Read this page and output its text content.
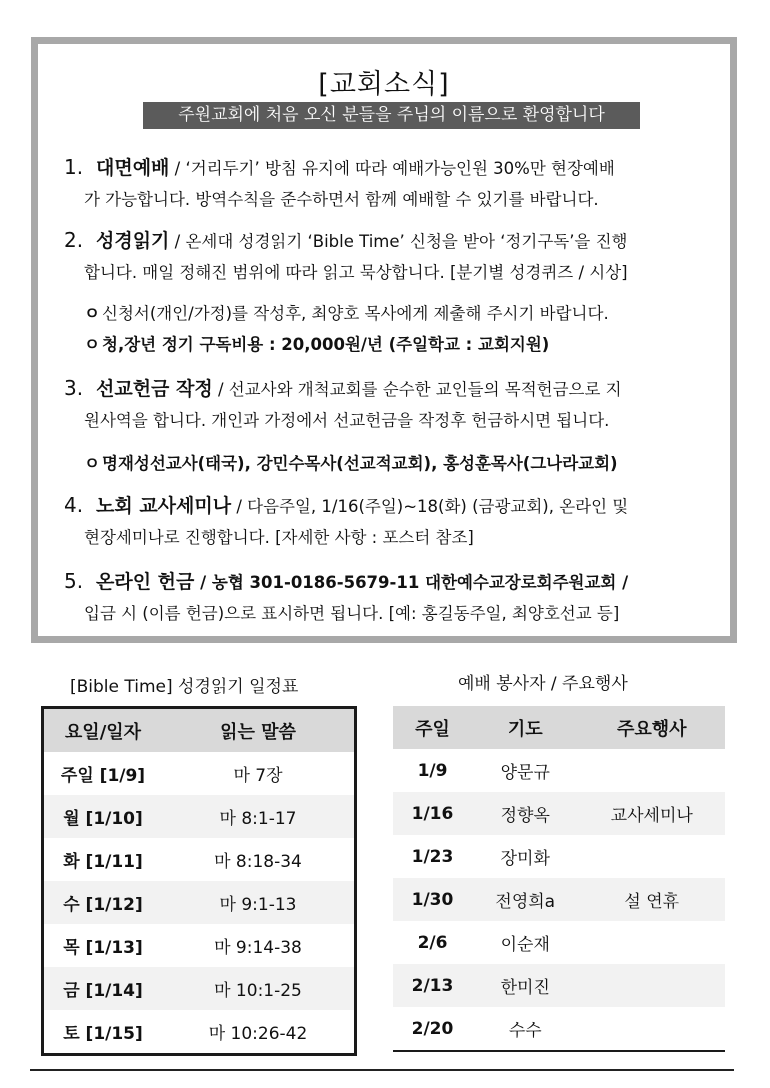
[교회소식]
주원교회에 처음 오신 분들을 주님의 이름으로 환영합니다
1. 대면예배 / ‘거리두기’ 방침 유지에 따라 예배가능인원 30%만 현장예배
가 가능합니다. 방역수칙을 준수하면서 함께 예배할 수 있기를 바랍니다.
2. 성경읽기 / 온세대 성경읽기 ‘Bible Time’ 신청을 받아 ‘정기구독’을 진행
합니다. 매일 정해진 범위에 따라 읽고 묵상합니다. [분기별 성경퀴즈 / 시상]
ㅇ 신청서(개인/가정)를 작성후, 최양호 목사에게 제출해 주시기 바랍니다.
ㅇ 청,장년 정기 구독비용 : 20,000원/년 (주일학교 : 교회지원)
3. 선교헌금 작정 / 선교사와 개척교회를 순수한 교인들의 목적헌금으로 지
원사역을 합니다. 개인과 가정에서 선교헌금을 작정후 헌금하시면 됩니다.
ㅇ 명재성선교사(태국), 강민수목사(선교적교회), 홍성훈목사(그나라교회)
4. 노회 교사세미나 / 다음주일, 1/16(주일)~18(화) (금광교회), 온라인 및
현장세미나로 진행합니다. [자세한 사항 : 포스터 참조]
5. 온라인 헌금 / 농협 301-0186-5679-11 대한예수교장로회주원교회 /
입금 시 (이름 헌금)으로 표시하면 됩니다. [예: 홍길동주일, 최양호선교 등]
[Bible Time] 성경읽기 일정표	예배 봉사자 / 주요행사
요일/일자	읽는 말씀
주일 [1/9]	마 7장
월 [1/10]	마 8:1-17
화 [1/11]	마 8:18-34
수 [1/12]	마 9:1-13
목 [1/13]	마 9:14-38
금 [1/14]	마 10:1-25
토 [1/15]	마 10:26-42
주일	기도	주요행사
1/9	양문규	
1/16	정향옥	교사세미나
1/23	장미화	
1/30	전영희a	설 연휴
2/6	이순재	
2/13	한미진	
2/20	수수	
